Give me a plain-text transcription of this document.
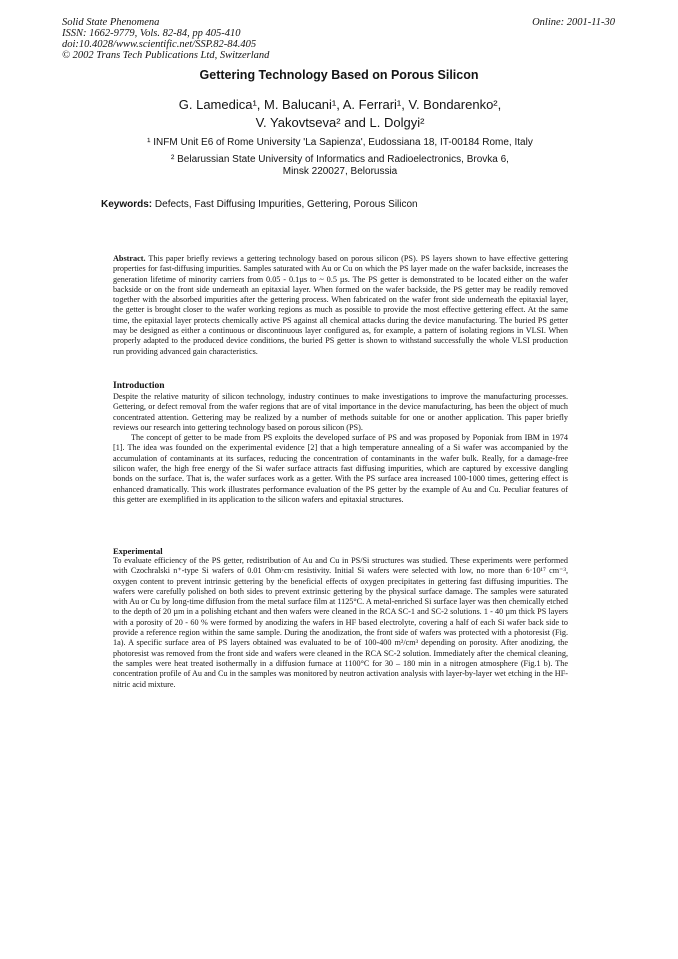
Solid State Phenomena
ISSN: 1662-9779, Vols. 82-84, pp 405-410
doi:10.4028/www.scientific.net/SSP.82-84.405
© 2002 Trans Tech Publications Ltd, Switzerland
Online: 2001-11-30
Gettering Technology Based on Porous Silicon
G. Lamedica¹, M. Balucani¹, A. Ferrari¹, V. Bondarenko²,
V. Yakovtseva² and L. Dolgyi²
¹ INFM Unit E6 of Rome University 'La Sapienza', Eudossiana 18, IT-00184 Rome, Italy
² Belarussian State University of Informatics and Radioelectronics, Brovka 6,
Minsk 220027, Belorussia
Keywords: Defects, Fast Diffusing Impurities, Gettering, Porous Silicon
Abstract. This paper briefly reviews a gettering technology based on porous silicon (PS). PS layers shown to have effective gettering properties for fast-diffusing impurities. Samples saturated with Au or Cu on which the PS layer made on the wafer backside, increases the generation lifetime of minority carriers from 0.05 - 0.1µs to ~ 0.5 µs. The PS getter is demonstrated to be located either on the wafer backside or on the front side underneath an epitaxial layer. When formed on the wafer backside, the PS getter may be readily removed together with the absorbed impurities after the gettering process. When fabricated on the wafer front side underneath the epitaxial layer, the getter is brought closer to the wafer working regions as much as possible to provide the most effective gettering effect. At the same time, the epitaxial layer protects chemically active PS against all chemical attacks during the device manufacturing. The buried PS getter may be designed as either a continuous or discontinuous layer configured as, for example, a pattern of isolating regions in VLSI. When properly adapted to the produced device conditions, the buried PS getter is shown to withstand successfully the whole VLSI production run providing advanced gain characteristics.
Introduction

Despite the relative maturity of silicon technology, industry continues to make investigations to improve the manufacturing processes. Gettering, or defect removal from the wafer regions that are of vital importance in the device manufacturing, has been the object of much concentrated attention. Gettering may be realized by a number of methods suitable for one or another application. This paper briefly reviews our research into gettering technology based on porous silicon (PS).

The concept of getter to be made from PS exploits the developed surface of PS and was proposed by Poponiak from IBM in 1974 [1]. The idea was founded on the experimental evidence [2] that a high temperature annealing of a Si wafer was accompanied by the accumulation of contaminants at its surfaces, reducing the concentration of contaminants in the wafer bulk. Really, for a damage-free silicon wafer, the high free energy of the Si wafer surface attracts fast diffusing impurities, which are captured by excessive dangling bonds on the surface. That is, the wafer surfaces work as a getter. With the PS surface area increased 100-1000 times, gettering effect is enhanced dramatically. This work illustrates performance evaluation of the PS getter by the example of Au and Cu. Peculiar features of this getter are exemplified in its application to the silicon wafers and epitaxial structures.

Experimental
To evaluate efficiency of the PS getter, redistribution of Au and Cu in PS/Si structures was studied. These experiments were performed with Czochralski n⁺-type Si wafers of 0.01 Ohm·cm resistivity. Initial Si wafers were selected with low, no more than 6·10¹⁷ cm⁻³, oxygen content to prevent intrinsic gettering by the beneficial effects of oxygen precipitates in gettering fast diffusing impurities. The wafers were carefully polished on both sides to prevent extrinsic gettering by the physical surface damage. The samples were saturated with Au or Cu by long-time diffusion from the metal surface film at 1125°C. A metal-enriched Si surface layer was then chemically etched to the depth of 20 µm in a polishing etchant and then wafers were cleaned in the RCA SC-1 and SC-2 solutions. 1 - 40 µm thick PS layers with a porosity of 20 - 60 % were formed by anodizing the wafers in HF based electrolyte, covering a half of each Si wafer back side to provide a reference region within the same sample. During the anodization, the front side of wafers was protected with a photoresist (Fig. 1a). A specific surface area of PS layers obtained was evaluated to be of 100-400 m²/cm³ depending on porosity. After anodizing, the photoresist was removed from the front side and wafers were cleaned in the RCA SC-2 solution. Immediately after the chemical cleaning, the samples were heat treated isothermally in a diffusion furnace at 1100°C for 30 – 180 min in a nitrogen atmosphere (Fig.1 b). The concentration profile of Au and Cu in the samples was monitored by neutron activation analysis with layer-by-layer wet etching in the HF- nitric acid mixture.
